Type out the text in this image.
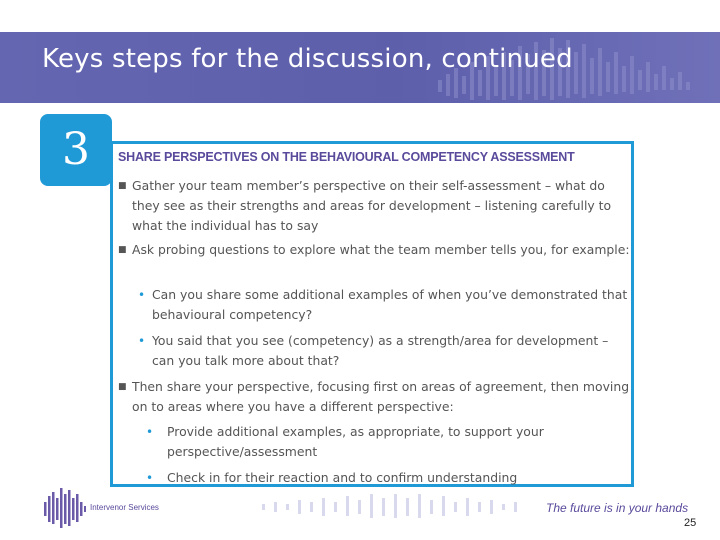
Keys steps for the discussion, continued
3	SHARE PERSPECTIVES ON THE BEHAVIOURAL COMPETENCY ASSESSMENT
■ Gather your team member’s perspective on their self-assessment – what do they see as their strengths and areas for development – listening carefully to what the individual has to say
■ Ask probing questions to explore what the team member tells you, for example:
• Can you share some additional examples of when you’ve demonstrated that behavioural competency?
• You said that you see (competency) as a strength/area for development – can you talk more about that?
■ Then share your perspective, focusing first on areas of agreement, then moving on to areas where you have a different perspective:
•	Provide additional examples, as appropriate, to support your perspective/assessment
•	Check in for their reaction and to confirm understanding
Intervenor Services	The future is in your hands
25
